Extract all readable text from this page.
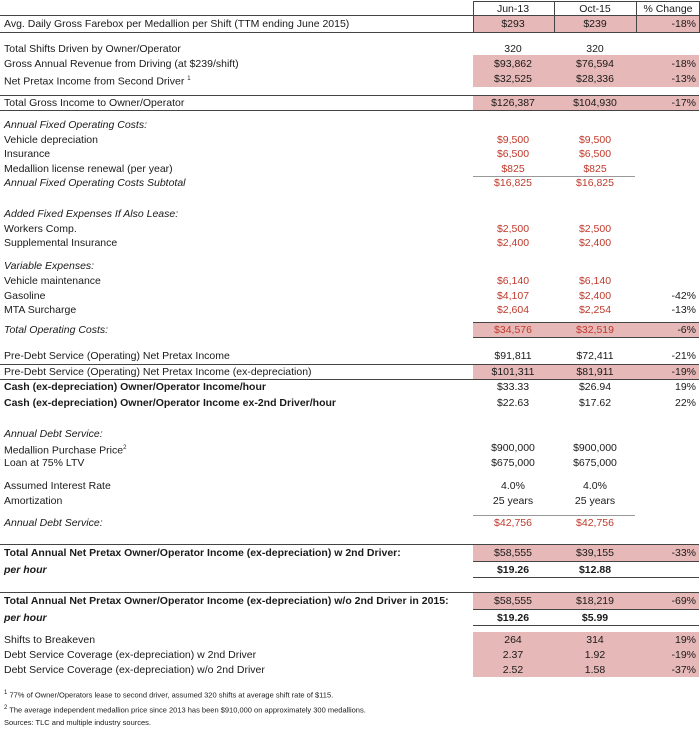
Jun-13	Oct-15	% Change
Avg. Daily Gross Farebox per Medallion per Shift (TTM ending June 2015)	$293	$239	-18%
Total Shifts Driven by Owner/Operator	320	320
Gross Annual Revenue from Driving (at $239/shift)	$93,862	$76,594	-18%
Net Pretax Income from Second Driver $^1$	$32,525	$28,336	-13%
Total Gross Income to Owner/Operator	$126,387	$104,930	-17%
Annual Fixed Operating Costs:
Vehicle depreciation	$9,500	$9,500
Insurance	$6,500	$6,500
Medallion license renewal (per year)	$825	$825
Annual Fixed Operating Costs Subtotal	$16,825	$16,825
Added Fixed Expenses If Also Lease:
Workers Comp.	$2,500	$2,500
Supplemental Insurance	$2,400	$2,400
Variable Expenses:
Vehicle maintenance	$6,140	$6,140
Gasoline	$4,107	$2,400	-42%
MTA Surcharge	$2,604	$2,254	-13%
Total Operating Costs:	$34,576	$32,519	-6%
Pre-Debt Service (Operating) Net Pretax Income	$91,811	$72,411	-21%
Pre-Debt Service (Operating) Net Pretax Income (ex-depreciation)	$101,311	$81,911	-19%
Cash (ex-depreciation) Owner/Operator Income/hour	$33.33	$26.94	19%
Cash (ex-depreciation) Owner/Operator Income ex-2nd Driver/hour	$22.63	$17.62	22%
Annual Debt Service:
Medallion Purchase Price$^2$	$900,000	$900,000
Loan at 75% LTV	$675,000	$675,000
Assumed Interest Rate	4.0%	4.0%
Amortization	25 years	25 years
Annual Debt Service:	$42,756	$42,756
Total Annual Net Pretax Owner/Operator Income (ex-depreciation) w 2nd Driver:	$58,555	$39,155	-33%
per hour	$19.26	$12.88
Total Annual Net Pretax Owner/Operator Income (ex-depreciation) w/o 2nd Driver in 2015:	$58,555	$18,219	-69%
per hour	$19.26	$5.99
Shifts to Breakeven	264	314	19%
Debt Service Coverage (ex-depreciation) w 2nd Driver	2.37	1.92	-19%
Debt Service Coverage (ex-depreciation) w/o 2nd Driver	2.52	1.58	-37%
$^1$ 77% of Owner/Operators lease to second driver, assumed 320 shifts at average shift rate of $115.
$^2$ The average independent medallion price since 2013 has been $910,000 on approximately 300 medallions.
Sources: TLC and multiple industry sources.
